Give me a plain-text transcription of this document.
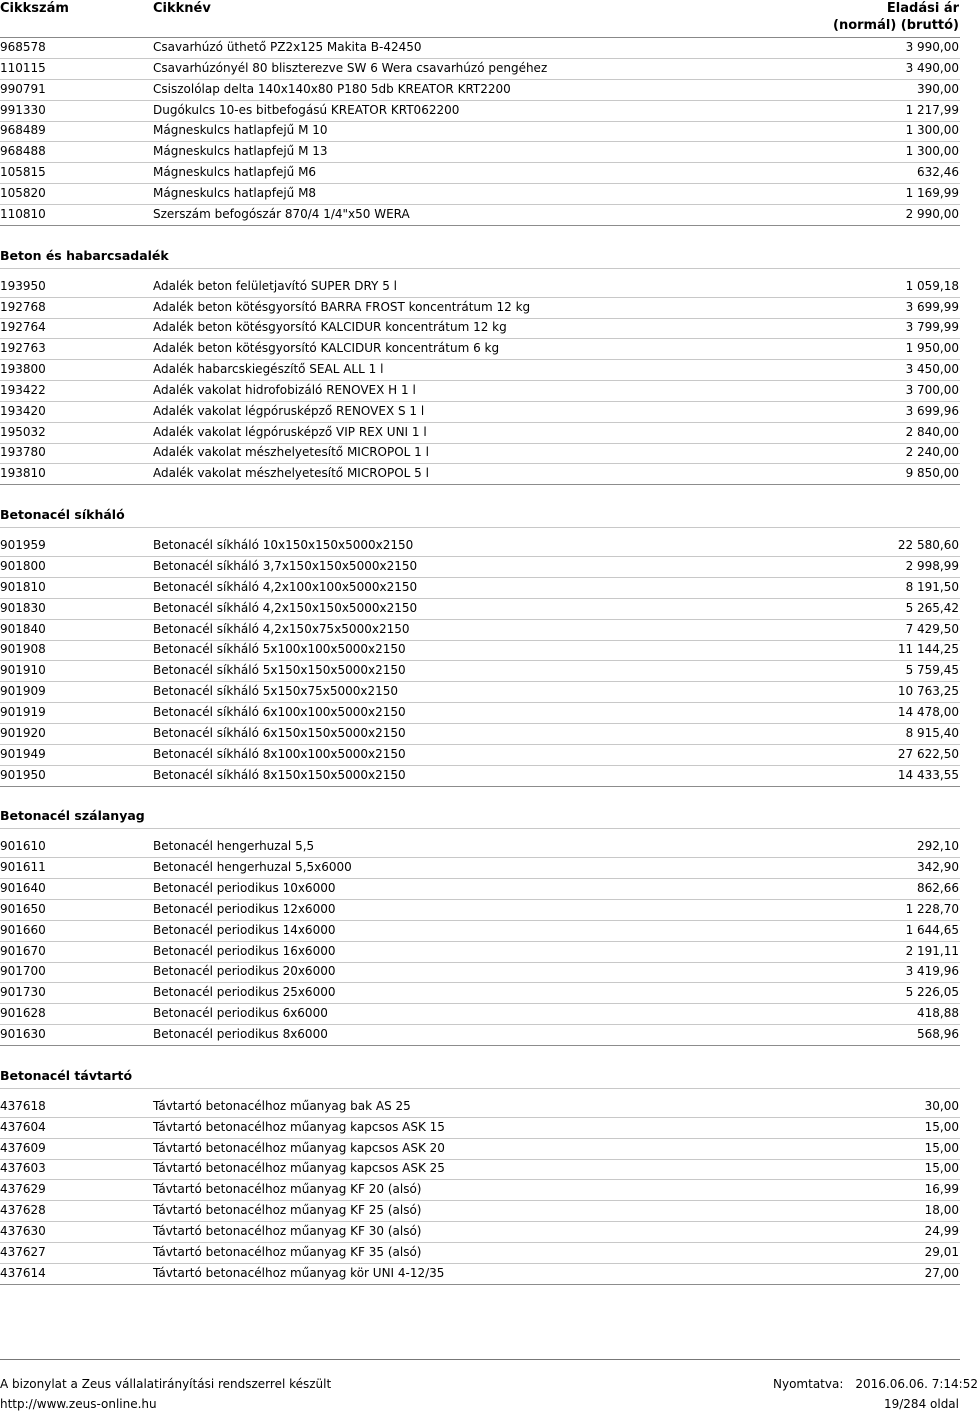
Cikkszám	Cikknév	Eladási ár
(normál) (bruttó)
968578	Csavarhúzó üthető PZ2x125 Makita B-42450	3 990,00
110115	Csavarhúzónyél 80 bliszterezve SW 6 Wera csavarhúzó pengéhez	3 490,00
990791	Csiszolólap delta 140x140x80 P180 5db KREATOR KRT2200	390,00
991330	Dugókulcs 10-es bitbefogású KREATOR KRT062200	1 217,99
968489	Mágneskulcs hatlapfejű M 10	1 300,00
968488	Mágneskulcs hatlapfejű M 13	1 300,00
105815	Mágneskulcs hatlapfejű M6	632,46
105820	Mágneskulcs hatlapfejű M8	1 169,99
110810	Szerszám befogószár 870/4 1/4"x50 WERA	2 990,00
Beton és habarcsadalék
193950	Adalék beton felületjavító SUPER DRY 5 l	1 059,18
192768	Adalék beton kötésgyorsító BARRA FROST koncentrátum 12 kg	3 699,99
192764	Adalék beton kötésgyorsító KALCIDUR koncentrátum 12 kg	3 799,99
192763	Adalék beton kötésgyorsító KALCIDUR koncentrátum 6 kg	1 950,00
193800	Adalék habarcskiegészítő SEAL ALL 1 l	3 450,00
193422	Adalék vakolat hidrofobizáló RENOVEX H 1 l	3 700,00
193420	Adalék vakolat légpórusképző RENOVEX S 1 l	3 699,96
195032	Adalék vakolat légpórusképző VIP REX UNI 1 l	2 840,00
193780	Adalék vakolat mészhelyetesítő MICROPOL 1 l	2 240,00
193810	Adalék vakolat mészhelyetesítő MICROPOL 5 l	9 850,00
Betonacél síkháló
901959	Betonacél síkháló 10x150x150x5000x2150	22 580,60
901800	Betonacél síkháló 3,7x150x150x5000x2150	2 998,99
901810	Betonacél síkháló 4,2x100x100x5000x2150	8 191,50
901830	Betonacél síkháló 4,2x150x150x5000x2150	5 265,42
901840	Betonacél síkháló 4,2x150x75x5000x2150	7 429,50
901908	Betonacél síkháló 5x100x100x5000x2150	11 144,25
901910	Betonacél síkháló 5x150x150x5000x2150	5 759,45
901909	Betonacél síkháló 5x150x75x5000x2150	10 763,25
901919	Betonacél síkháló 6x100x100x5000x2150	14 478,00
901920	Betonacél síkháló 6x150x150x5000x2150	8 915,40
901949	Betonacél síkháló 8x100x100x5000x2150	27 622,50
901950	Betonacél síkháló 8x150x150x5000x2150	14 433,55
Betonacél szálanyag
901610	Betonacél hengerhuzal 5,5	292,10
901611	Betonacél hengerhuzal 5,5x6000	342,90
901640	Betonacél periodikus 10x6000	862,66
901650	Betonacél periodikus 12x6000	1 228,70
901660	Betonacél periodikus 14x6000	1 644,65
901670	Betonacél periodikus 16x6000	2 191,11
901700	Betonacél periodikus 20x6000	3 419,96
901730	Betonacél periodikus 25x6000	5 226,05
901628	Betonacél periodikus 6x6000	418,88
901630	Betonacél periodikus 8x6000	568,96
Betonacél távtartó
437618	Távtartó betonacélhoz műanyag bak AS 25	30,00
437604	Távtartó betonacélhoz műanyag kapcsos ASK 15	15,00
437609	Távtartó betonacélhoz műanyag kapcsos ASK 20	15,00
437603	Távtartó betonacélhoz műanyag kapcsos ASK 25	15,00
437629	Távtartó betonacélhoz műanyag KF 20 (alsó)	16,99
437628	Távtartó betonacélhoz műanyag KF 25 (alsó)	18,00
437630	Távtartó betonacélhoz műanyag KF 30 (alsó)	24,99
437627	Távtartó betonacélhoz műanyag KF 35 (alsó)	29,01
437614	Távtartó betonacélhoz műanyag kör UNI 4-12/35	27,00
A bizonylat a Zeus vállalatirányítási rendszerrel készült
http://www.zeus-online.hu
Nyomtatva: 2016.06.06. 7:14:52
19/284 oldal
